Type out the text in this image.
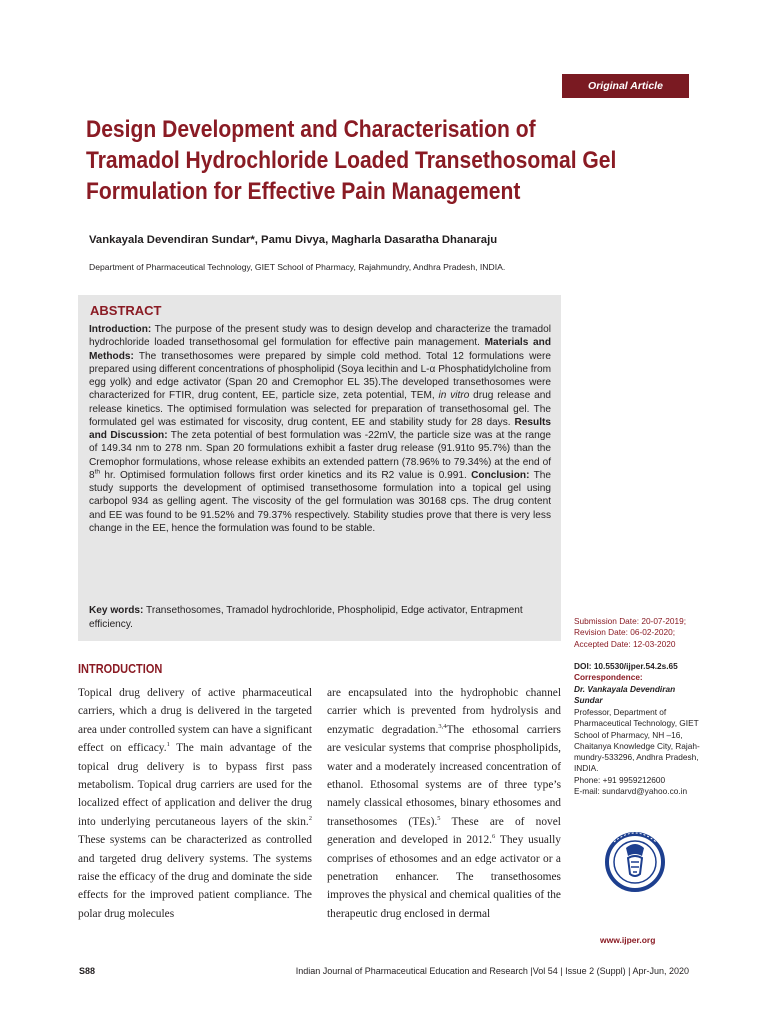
Original Article
Design Development and Characterisation of Tramadol Hydrochloride Loaded Transethosomal Gel Formulation for Effective Pain Management
Vankayala Devendiran Sundar*, Pamu Divya, Magharla Dasaratha Dhanaraju
Department of Pharmaceutical Technology, GIET School of Pharmacy, Rajahmundry, Andhra Pradesh, INDIA.
ABSTRACT
Introduction: The purpose of the present study was to design develop and characterize the tramadol hydrochloride loaded transethosomal gel formulation for effective pain management. Materials and Methods: The transethosomes were prepared by simple cold method. Total 12 formulations were prepared using different concentrations of phospholipid (Soya lecithin and L-α Phosphatidylcholine from egg yolk) and edge activator (Span 20 and Cremophor EL 35).The developed transethosomes were characterized for FTIR, drug content, EE, particle size, zeta potential, TEM, in vitro drug release and release kinetics. The optimised formulation was selected for preparation of transethosomal gel. The formulated gel was estimated for viscosity, drug content, EE and stability study for 28 days. Results and Discussion: The zeta potential of best formulation was -22mV, the particle size was at the range of 149.34 nm to 278 nm. Span 20 formulations exhibit a faster drug release (91.91to 95.7%) than the Cremophor formulations, whose release exhibits an extended pattern (78.96% to 79.34%) at the end of 8th hr. Optimised formulation follows first order kinetics and its R2 value is 0.991. Conclusion: The study supports the development of optimised transethosome formulation into a topical gel using carbopol 934 as gelling agent. The viscosity of the gel formulation was 30168 cps. The drug content and EE was found to be 91.52% and 79.37% respectively. Stability studies prove that there is very less change in the EE, hence the formulation was found to be stable.
Key words: Transethosomes, Tramadol hydrochloride, Phospholipid, Edge activator, Entrapment efficiency.	Submission Date: 20-07-2019;
Revision Date: 06-02-2020;
Accepted Date: 12-03-2020
DOI: 10.5530/ijper.54.2s.65
Correspondence:
Dr. Vankayala Devendiran Sundar
Professor, Department of Pharmaceutical Technology, GIET School of Pharmacy, NH –16, Chaitanya Knowledge City, Rajah-mundry-533296, Andhra Pradesh, INDIA.
Phone: +91 9959212600
E-mail: sundarvd@yahoo.co.in
INTRODUCTION
Topical drug delivery of active pharmaceutical carriers, which a drug is delivered in the targeted area under controlled system can have a significant effect on efficacy.$^1$ The main advantage of the topical drug delivery is to bypass first pass metabolism. Topical drug carriers are used for the localized effect of application and deliver the drug into underlying percutaneous layers of the skin.$^2$ These systems can be characterized as controlled and targeted drug delivery systems. The systems raise the efficacy of the drug and dominate the side effects for the improved patient compliance. The polar drug molecules
are encapsulated into the hydrophobic channel carrier which is prevented from hydrolysis and enzymatic degradation.$^{3,4}$The ethosomal carriers are vesicular systems that comprise phospholipids, water and a moderately increased concentration of ethanol. Ethosomal systems are of three type’s namely classical ethosomes, binary ethosomes and transethosomes (TEs).$^5$ These are of novel generation and developed in 2012.$^6$ They usually comprises of ethosomes and an edge activator or a penetration enhancer. The transethosomes improves the physical and chemical qualities of the therapeutic drug enclosed in dermal
www.ijper.org
S88	Indian Journal of Pharmaceutical Education and Research |Vol 54 | Issue 2 (Suppl) | Apr-Jun, 2020
